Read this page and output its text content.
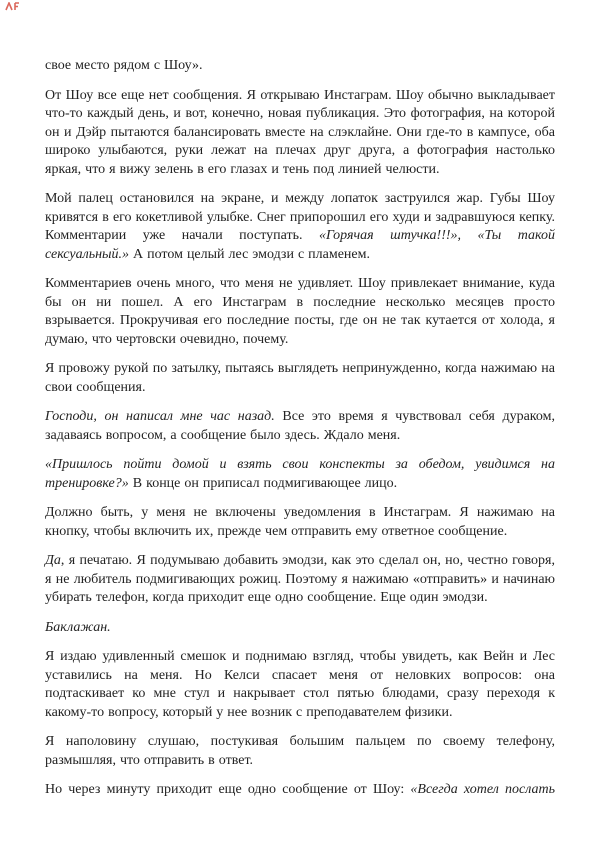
свое место рядом с Шоу».

От Шоу все еще нет сообщения. Я открываю Инстаграм. Шоу обычно выкладывает что-то каждый день, и вот, конечно, новая публикация. Это фотография, на которой он и Дэйр пытаются балансировать вместе на слэклайне. Они где-то в кампусе, оба широко улыбаются, руки лежат на плечах друг друга, а фотография настолько яркая, что я вижу зелень в его глазах и тень под линией челюсти.

Мой палец остановился на экране, и между лопаток заструился жар. Губы Шоу кривятся в его кокетливой улыбке. Снег припорошил его худи и задравшуюся кепку. Комментарии уже начали поступать. «Горячая штучка!!!», «Ты такой сексуальный.» А потом целый лес эмодзи с пламенем.

Комментариев очень много, что меня не удивляет. Шоу привлекает внимание, куда бы он ни пошел. А его Инстаграм в последние несколько месяцев просто взрывается. Прокручивая его последние посты, где он не так кутается от холода, я думаю, что чертовски очевидно, почему.

Я провожу рукой по затылку, пытаясь выглядеть непринужденно, когда нажимаю на свои сообщения.

Господи, он написал мне час назад. Все это время я чувствовал себя дураком, задаваясь вопросом, а сообщение было здесь. Ждало меня.

«Пришлось пойти домой и взять свои конспекты за обедом, увидимся на тренировке?» В конце он приписал подмигивающее лицо.

Должно быть, у меня не включены уведомления в Инстаграм. Я нажимаю на кнопку, чтобы включить их, прежде чем отправить ему ответное сообщение.

Да, я печатаю. Я подумываю добавить эмодзи, как это сделал он, но, честно говоря, я не любитель подмигивающих рожиц. Поэтому я нажимаю «отправить» и начинаю убирать телефон, когда приходит еще одно сообщение. Еще один эмодзи.

Баклажан.

Я издаю удивленный смешок и поднимаю взгляд, чтобы увидеть, как Вейн и Лес уставились на меня. Но Келси спасает меня от неловких вопросов: она подтаскивает ко мне стул и накрывает стол пятью блюдами, сразу переходя к какому-то вопросу, который у нее возник с преподавателем физики.

Я наполовину слушаю, постукивая большим пальцем по своему телефону, размышляя, что отправить в ответ.

Но через минуту приходит еще одно сообщение от Шоу: «Всегда хотел послать
